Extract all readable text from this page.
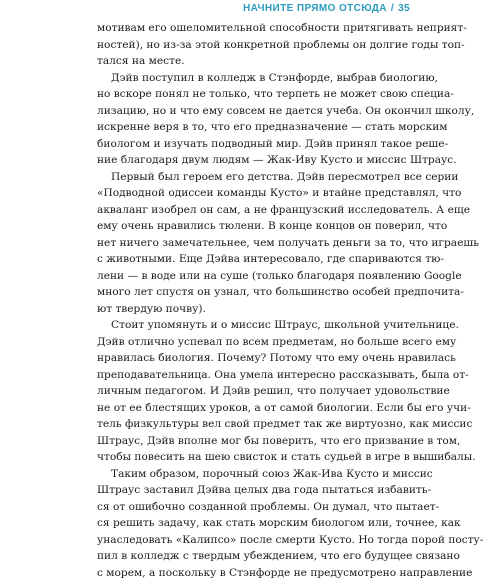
НАЧНИТЕ ПРЯМО ОТСЮДА / 35

мотивам его ошеломительной способности притягивать неприят-
ностей), но из-за этой конкретной проблемы он долгие годы топ-
тался на месте.

Дэйв поступил в колледж в Стэнфорде, выбрав биологию,
но вскоре понял не только, что терпеть не может свою специа-
лизацию, но и что ему совсем не дается учеба. Он окончил школу,
искренне веря в то, что его предназначение — стать морским
биологом и изучать подводный мир. Дэйв принял такое реше-
ние благодаря двум людям — Жак-Иву Кусто и миссис Штраус.

Первый был героем его детства. Дэйв пересмотрел все серии
«Подводной одиссеи команды Кусто» и втайне представлял, что
акваланг изобрел он сам, а не французский исследователь. А еще
ему очень нравились тюлени. В конце концов он поверил, что
нет ничего замечательнее, чем получать деньги за то, что играешь
с животными. Еще Дэйва интересовало, где спариваются тю-
лени — в воде или на суше (только благодаря появлению Google
много лет спустя он узнал, что большинство особей предпочита-
ют твердую почву).

Стоит упомянуть и о миссис Штраус, школьной учительнице.
Дэйв отлично успевал по всем предметам, но больше всего ему
нравилась биология. Почему? Потому что ему очень нравилась
преподавательница. Она умела интересно рассказывать, была от-
личным педагогом. И Дэйв решил, что получает удовольствие
не от ее блестящих уроков, а от самой биологии. Если бы его учи-
тель физкультуры вел свой предмет так же виртуозно, как миссис
Штраус, Дэйв вполне мог бы поверить, что его призвание в том,
чтобы повесить на шею свисток и стать судьей в игре в вышибалы.

Таким образом, порочный союз Жак-Ива Кусто и миссис
Штраус заставил Дэйва целых два года пытаться избавить-
ся от ошибочно созданной проблемы. Он думал, что пытает-
ся решить задачу, как стать морским биологом или, точнее, как
унаследовать «Калипсо» после смерти Кусто. Но тогда порой посту-
пил в колледж с твердым убеждением, что его будущее связано
с морем, а поскольку в Стэнфорде не предусмотрено направление
